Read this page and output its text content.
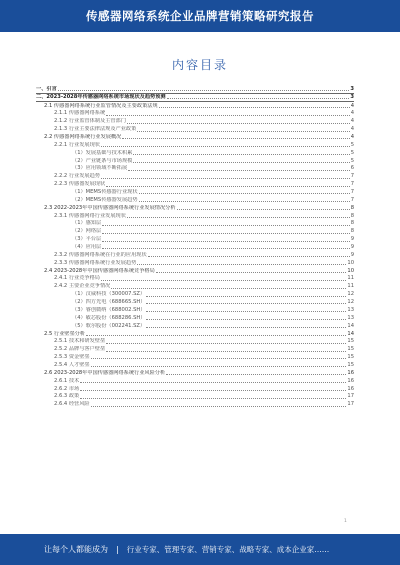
传感器网络系统企业品牌营销策略研究报告
内容目录
一、引言	3
二、2023-2028年传感器网络系统市场现状及趋势预测	3
2.1 传感器网络系统行业监管情况及主要政策法规	4
2.1.1 传感器网络系统	4
2.1.2 行业监管体制及主管部门	4
2.1.3 行业主要法律法规及产业政策	4
2.2 传感器网络系统行业发展概况	4
2.2.1 行业发展现状	5
（1）发展基础与技术积累	5
（2）产业链条与市场规模	5
（3）应用领域不断拓展	6
2.2.2 行业发展趋势	7
2.2.3 传感器发展现状	7
（1）MEMS传感器行业现状	7
（2）MEMS传感器发展趋势	7
2.3 2022-2023年中国传感器网络系统行业发展情况分析	8
2.3.1 传感器网络行业发展现状	8
（1）感知层	8
（2）网络层	8
（3）平台层	9
（4）应用层	9
2.3.2 传感器网络系统在行业的应用现状	9
2.3.3 传感器网络系统行业发展趋势	10
2.4 2023-2028年中国传感器网络系统竞争格局	10
2.4.1 行业竞争格局	11
2.4.2 主要企业竞争情况	11
（1）汉威科技（300007.SZ）	12
（2）四方光电（688665.SH）	12
（3）睿创微纳（688002.SH）	13
（4）敏芯股份（688286.SH）	13
（5）歌尔股份（002241.SZ）	14
2.5 行业壁垒分析	14
2.5.1 技术和研发壁垒	15
2.5.2 品牌与客户壁垒	15
2.5.3 资金壁垒	15
2.5.4 人才壁垒	15
2.6 2023-2028年中国传感器网络系统行业风险分析	16
2.6.1 技术	16
2.6.2 市场	16
2.6.3 政策	17
2.6.4 经营风险	17
1
让每个人都能成为 | 行业专家、管理专家、营销专家、战略专家、成本企业家……
